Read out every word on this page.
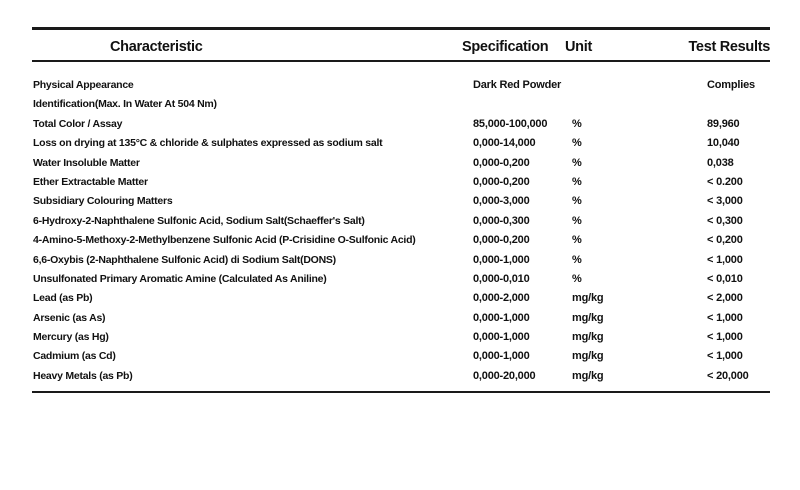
Characteristic	Specification Unit	Test Results
Physical Appearance	Dark Red Powder	Complies
Identification(Max. In Water At 504 Nm)
Total Color / Assay	85,000-100,000 %	89,960
Loss on drying at 135°C & chloride & sulphates expressed as sodium salt	0,000-14,000	%	10,040
Water Insoluble Matter	0,000-0,200	%	0,038
Ether Extractable Matter	0,000-0,200	%	< 0.200
Subsidiary Colouring Matters	0,000-3,000	%	< 3,000
6-Hydroxy-2-Naphthalene Sulfonic Acid, Sodium Salt(Schaeffer's Salt)	0,000-0,300	%	< 0,300
4-Amino-5-Methoxy-2-Methylbenzene Sulfonic Acid (P-Crisidine O-Sulfonic Acid)	0,000-0,200	%	< 0,200
6,6-Oxybis (2-Naphthalene Sulfonic Acid) di Sodium Salt(DONS)	0,000-1,000	%	< 1,000
Unsulfonated Primary Aromatic Amine (Calculated As Aniline)	0,000-0,010	%	< 0,010
Lead (as Pb)	0,000-2,000	mg/kg	< 2,000
Arsenic (as As)	0,000-1,000	mg/kg	< 1,000
Mercury (as Hg)	0,000-1,000	mg/kg	< 1,000
Cadmium (as Cd)	0,000-1,000	mg/kg	< 1,000
Heavy Metals (as Pb)	0,000-20,000	mg/kg	< 20,000
